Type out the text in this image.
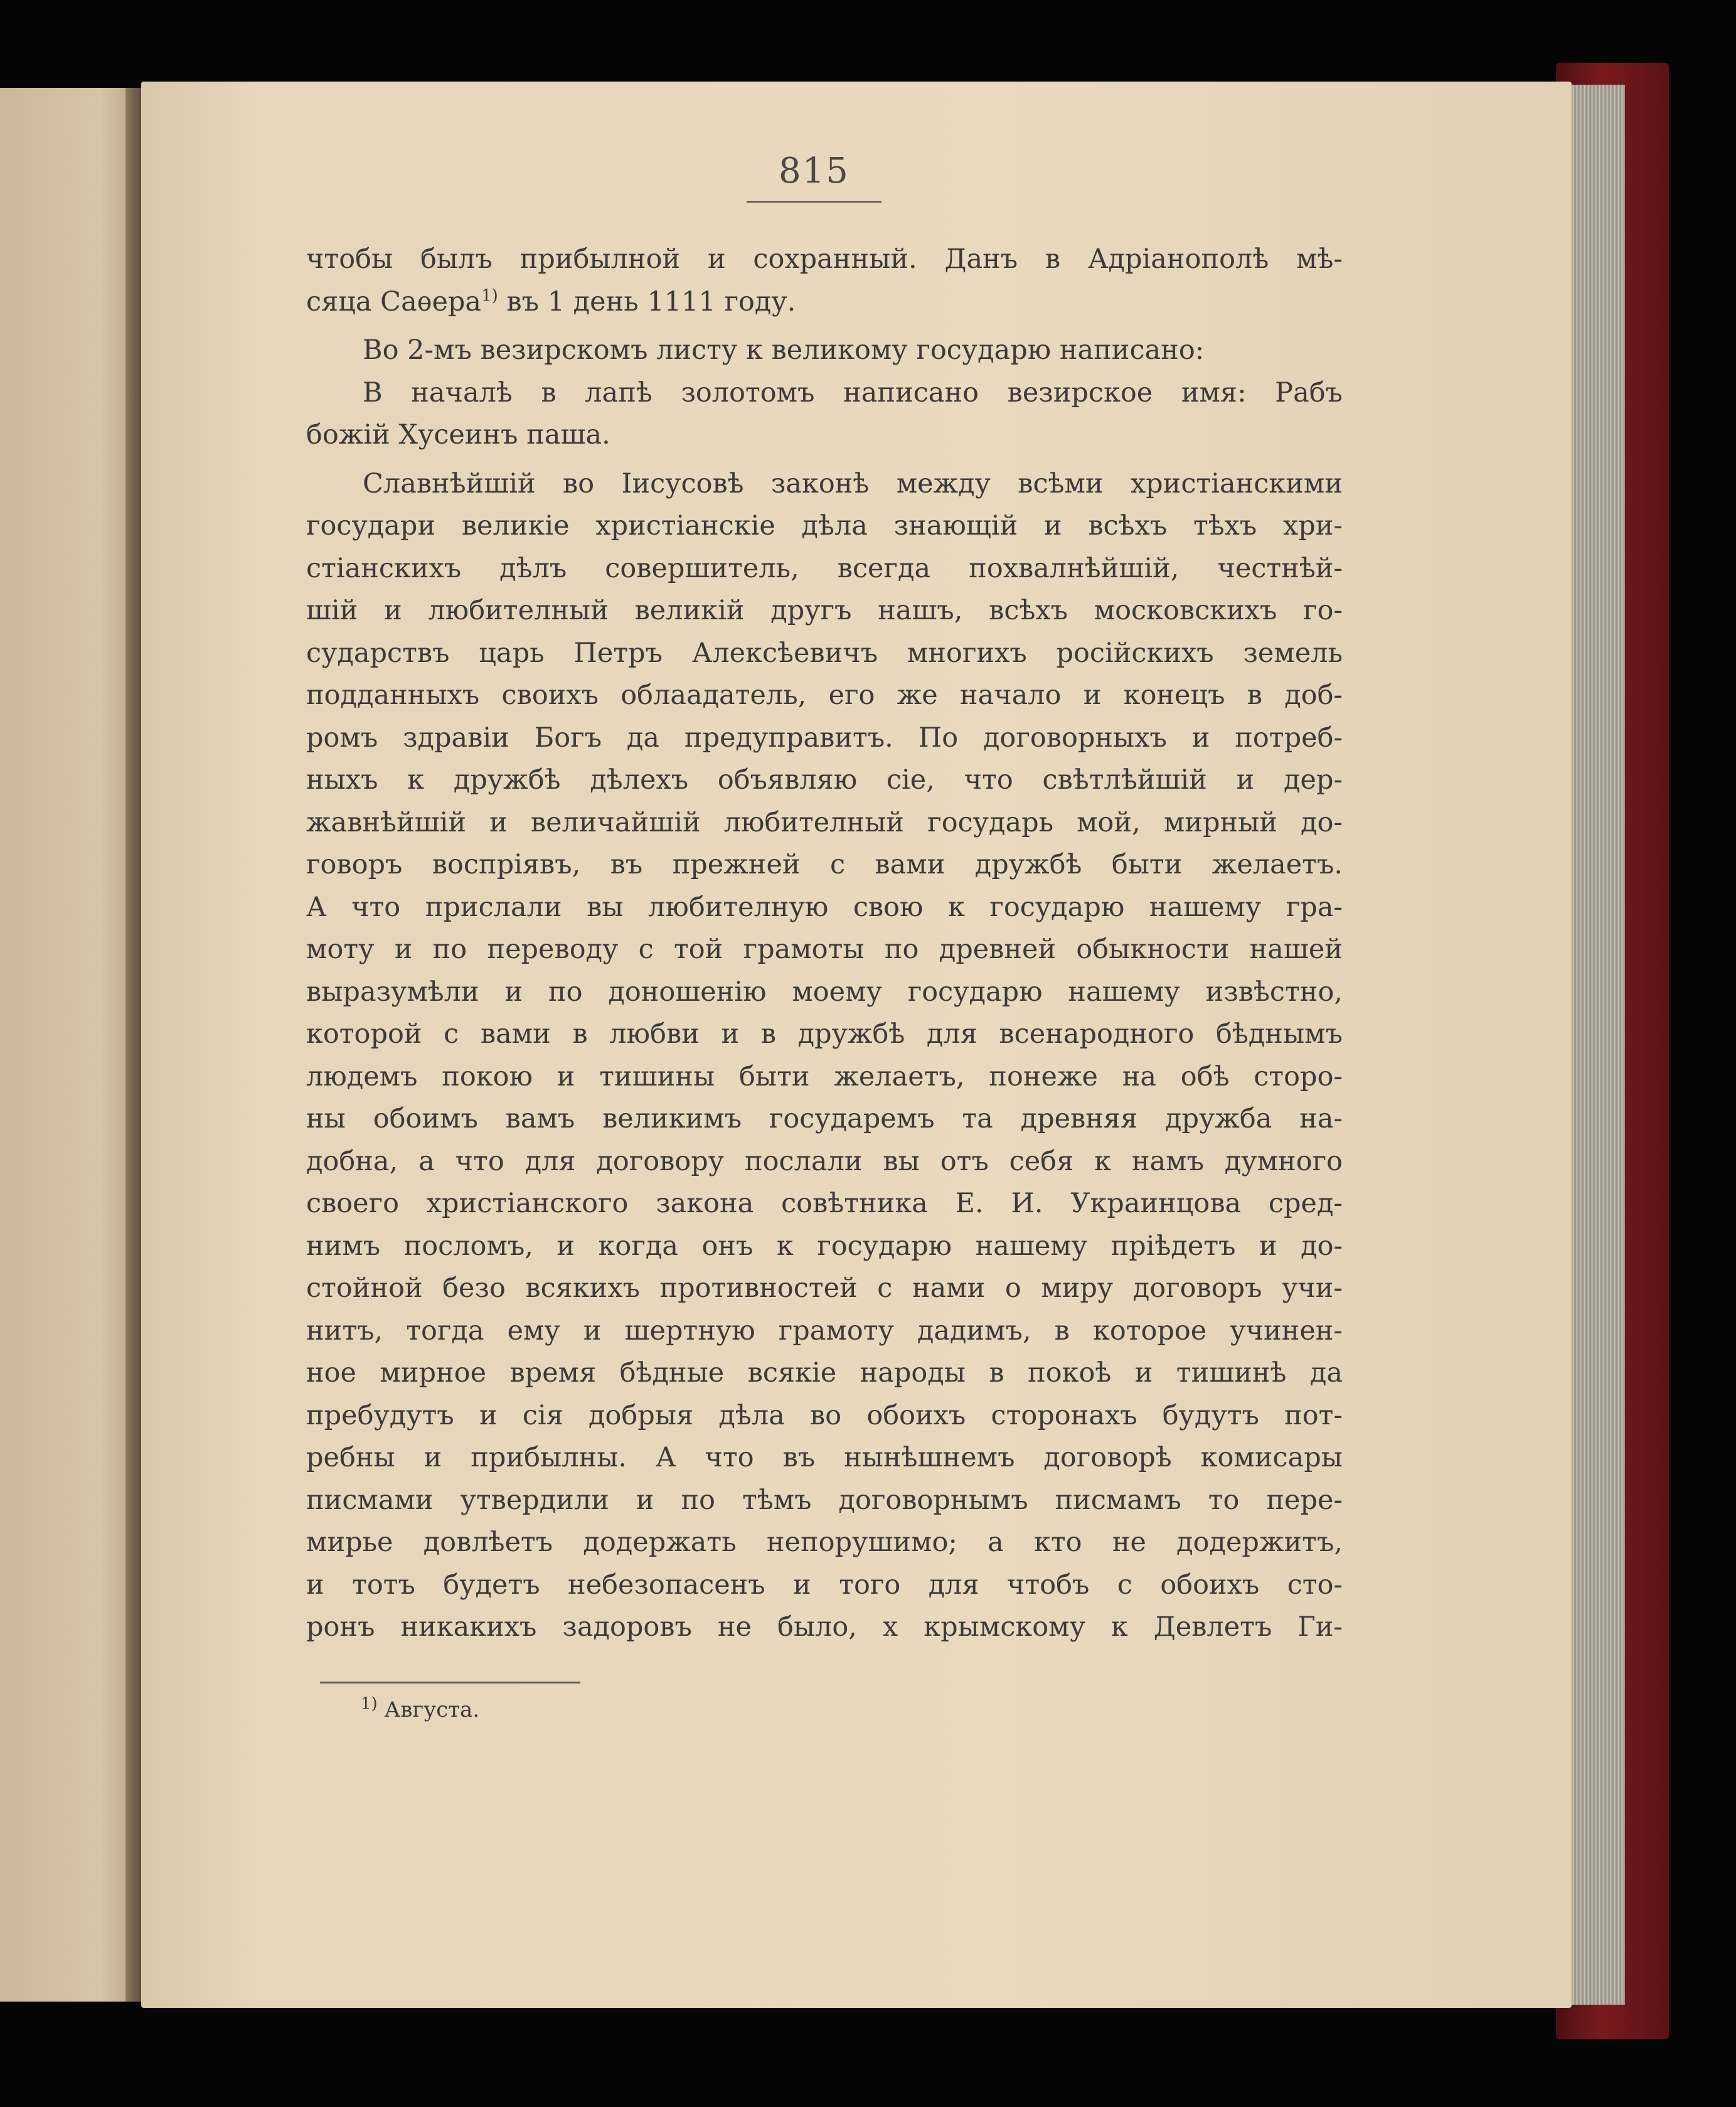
815
чтобы былъ прибылной и сохранный. Данъ в Адріанополѣ мѣ-
сяца Саѳера$^{1)}$ въ 1 день 1111 году.
Во 2-мъ везирскомъ листу к великому государю написано:
В началѣ в лапѣ золотомъ написано везирское имя: Рабъ
божій Хусеинъ паша.
Славнѣйшій во Іисусовѣ законѣ между всѣми христіанскими
государи великіе христіанскіе дѣла знающій и всѣхъ тѣхъ хри-
стіанскихъ дѣлъ совершитель, всегда похвалнѣйшій, честнѣй-
шій и любителный великій другъ нашъ, всѣхъ московскихъ го-
сударствъ царь Петръ Алексѣевичъ многихъ російскихъ земель
подданныхъ своихъ облаадатель, его же начало и конецъ в доб-
ромъ здравіи Богъ да предуправитъ. По договорныхъ и потреб-
ныхъ к дружбѣ дѣлехъ объявляю сіе, что свѣтлѣйшій и дер-
жавнѣйшій и величайшій любителный государь мой, мирный до-
говоръ воспріявъ, въ прежней с вами дружбѣ быти желаетъ.
А что прислали вы любителную свою к государю нашему гра-
моту и по переводу с той грамоты по древней обыкности нашей
выразумѣли и по доношенію моему государю нашему извѣстно,
которой с вами в любви и в дружбѣ для всенародного бѣднымъ
людемъ покою и тишины быти желаетъ, понеже на обѣ сторо-
ны обоимъ вамъ великимъ государемъ та древняя дружба на-
добна, а что для договору послали вы отъ себя к намъ думного
своего христіанского закона совѣтника Е. И. Украинцова сред-
нимъ посломъ, и когда онъ к государю нашему пріѣдетъ и до-
стойной безо всякихъ противностей с нами о миру договоръ учи-
нитъ, тогда ему и шертную грамоту дадимъ, в которое учинен-
ное мирное время бѣдные всякіе народы в покоѣ и тишинѣ да
пребудутъ и сія добрыя дѣла во обоихъ сторонахъ будутъ пот-
ребны и прибылны. А что въ нынѣшнемъ договорѣ комисары
писмами утвердили и по тѣмъ договорнымъ писмамъ то пере-
мирье довлѣетъ додержать непорушимо; а кто не додержитъ,
и тотъ будетъ небезопасенъ и того для чтобъ с обоихъ сто-
ронъ никакихъ задоровъ не было, х крымскому к Девлетъ Ги-
$^{1)}$ Августа.
